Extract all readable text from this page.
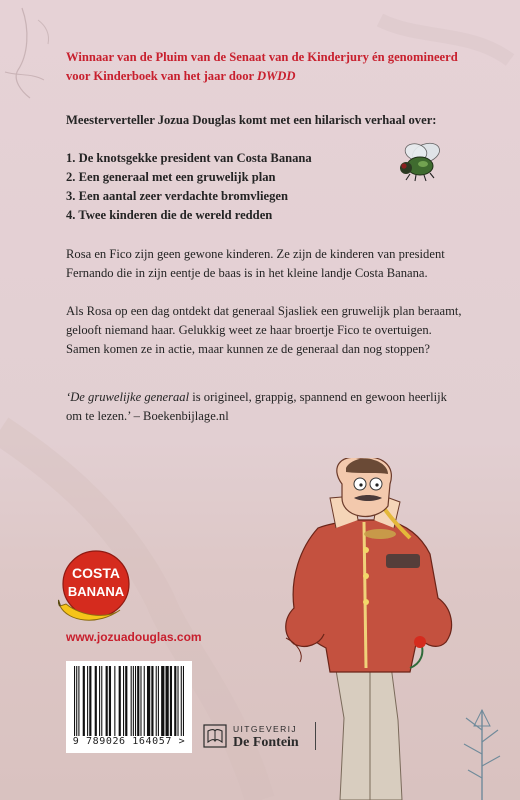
Winnaar van de Pluim van de Senaat van de Kinderjury én genomineerd voor Kinderboek van het jaar door DWDD

Meesterverteller Jozua Douglas komt met een hilarisch verhaal over:

1. De knotsgekke president van Costa Banana
2. Een generaal met een gruwelijk plan
3. Een aantal zeer verdachte bromvliegen
4. Twee kinderen die de wereld redden

Rosa en Fico zijn geen gewone kinderen. Ze zijn de kinderen van president Fernando die in zijn eentje de baas is in het kleine landje Costa Banana.

Als Rosa op een dag ontdekt dat generaal Sjasliek een gruwelijk plan beraamt, gelooft niemand haar. Gelukkig weet ze haar broertje Fico te overtuigen. Samen komen ze in actie, maar kunnen ze de generaal dan nog stoppen?

‘De gruwelijke generaal is origineel, grappig, spannend en gewoon heerlijk om te lezen.’ – Boekenbijlage.nl

COSTA
BANANA
www.jozuadouglas.com
9 789026 164057 >
UITGEVERIJ
De Fontein
